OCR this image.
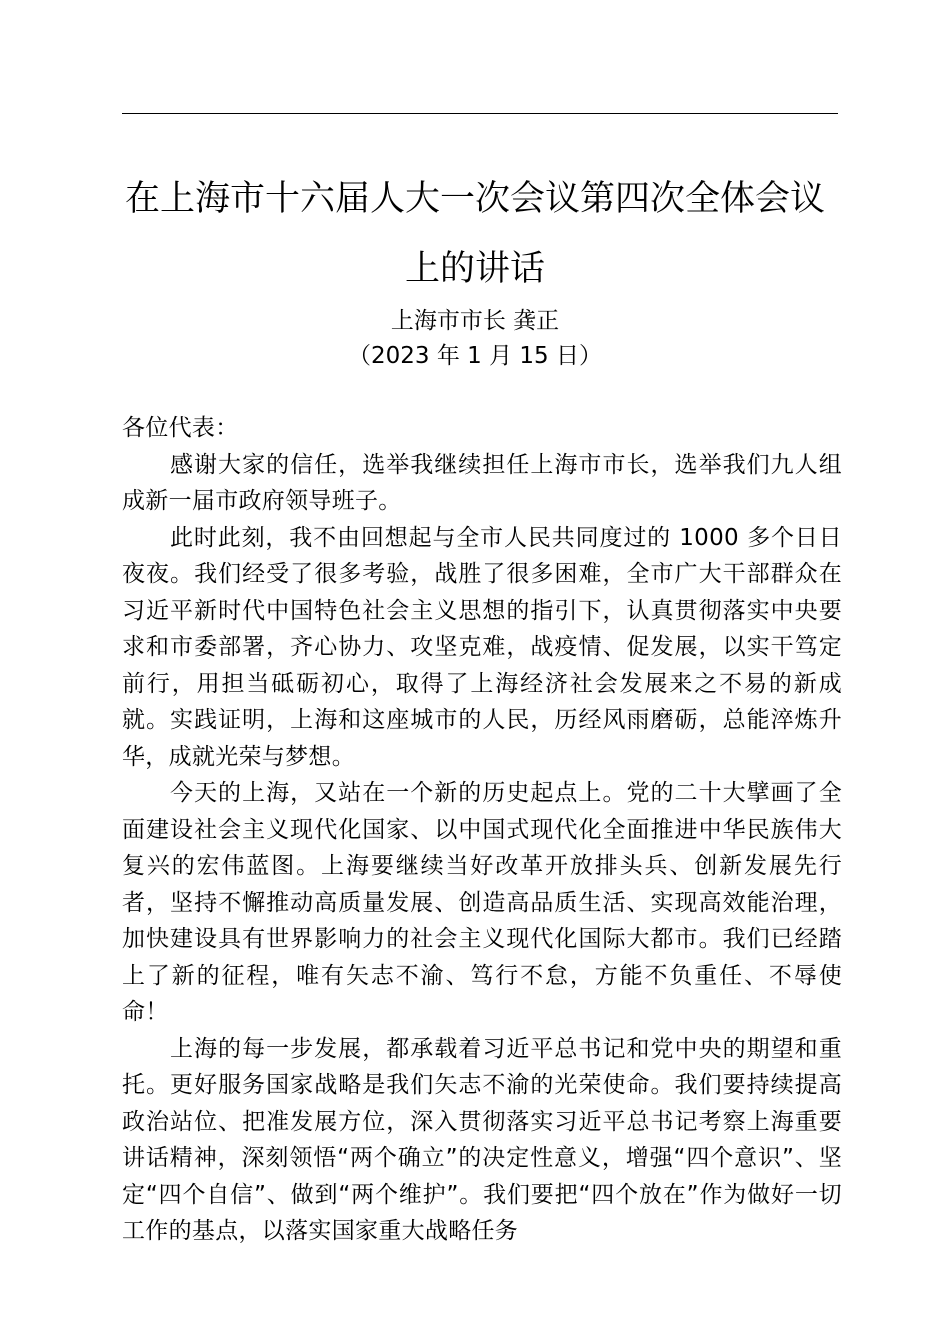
在上海市十六届人大一次会议第四次全体会议
上的讲话
上海市市长 龚正
（2023 年 1 月 15 日）

各位代表：

感谢大家的信任，选举我继续担任上海市市长，选举我们九人组成新一届市政府领导班子。

此时此刻，我不由回想起与全市人民共同度过的 1000 多个日日夜夜。我们经受了很多考验，战胜了很多困难，全市广大干部群众在习近平新时代中国特色社会主义思想的指引下，认真贯彻落实中央要求和市委部署，齐心协力、攻坚克难，战疫情、促发展，以实干笃定前行，用担当砥砺初心，取得了上海经济社会发展来之不易的新成就。实践证明，上海和这座城市的人民，历经风雨磨砺，总能淬炼升华，成就光荣与梦想。

今天的上海，又站在一个新的历史起点上。党的二十大擘画了全面建设社会主义现代化国家、以中国式现代化全面推进中华民族伟大复兴的宏伟蓝图。上海要继续当好改革开放排头兵、创新发展先行者，坚持不懈推动高质量发展、创造高品质生活、实现高效能治理，加快建设具有世界影响力的社会主义现代化国际大都市。我们已经踏上了新的征程，唯有矢志不渝、笃行不怠，方能不负重任、不辱使命！

上海的每一步发展，都承载着习近平总书记和党中央的期望和重托。更好服务国家战略是我们矢志不渝的光荣使命。我们要持续提高政治站位、把准发展方位，深入贯彻落实习近平总书记考察上海重要讲话精神，深刻领悟“两个确立”的决定性意义，增强“四个意识”、坚定“四个自信”、做到“两个维护”。我们要把“四个放在”作为做好一切工作的基点，以落实国家重大战略任务
